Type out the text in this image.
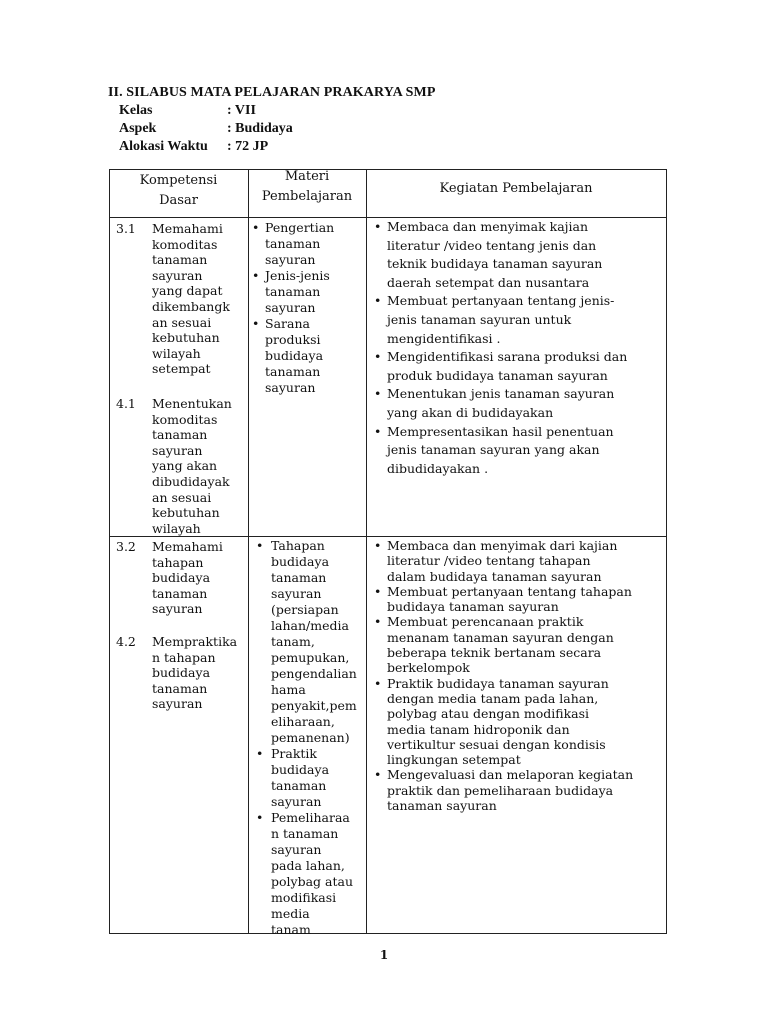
II. SILABUS MATA PELAJARAN PRAKARYA SMP
Kelas	: VII
Aspek	: Budidaya
Alokasi Waktu : 72 JP
Kompetensi
Dasar
Materi
Pembelajaran
Kegiatan Pembelajaran
3.1 Memahami
komoditas
tanaman
sayuran
yang dapat
dikembangk
an sesuai
kebutuhan
wilayah
setempat
4.1 Menentukan
komoditas
tanaman
sayuran
yang akan
dibudidayak
an sesuai
kebutuhan
wilayah
• Pengertian
tanaman
sayuran
• Jenis-jenis
tanaman
sayuran
• Sarana
produksi
budidaya
tanaman
sayuran
• Membaca dan menyimak kajian
literatur /video tentang jenis dan
teknik budidaya tanaman sayuran
daerah setempat dan nusantara
• Membuat pertanyaan tentang jenis-
jenis tanaman sayuran untuk
mengidentifikasi .
• Mengidentifikasi sarana produksi dan
produk budidaya tanaman sayuran
• Menentukan jenis tanaman sayuran
yang akan di budidayakan
• Mempresentasikan hasil penentuan
jenis tanaman sayuran yang akan
dibudidayakan .
3.2 Memahami
tahapan
budidaya
tanaman
sayuran
4.2 Mempraktika
n tahapan
budidaya
tanaman
sayuran
• Tahapan
budidaya
tanaman
sayuran
(persiapan
lahan/media
tanam,
pemupukan,
pengendalian
hama
penyakit,pem
eliharaan,
pemanenan)
• Praktik
budidaya
tanaman
sayuran
• Pemeliharaa
n tanaman
sayuran
pada lahan,
polybag atau
modifikasi
media
tanam
• Membaca dan menyimak dari kajian
literatur /video tentang tahapan
dalam budidaya tanaman sayuran
• Membuat pertanyaan tentang tahapan
budidaya tanaman sayuran
• Membuat perencanaan praktik
menanam tanaman sayuran dengan
beberapa teknik bertanam secara
berkelompok
• Praktik budidaya tanaman sayuran
dengan media tanam pada lahan,
polybag atau dengan modifikasi
media tanam hidroponik dan
vertikultur sesuai dengan kondisis
lingkungan setempat
• Mengevaluasi dan melaporan kegiatan
praktik dan pemeliharaan budidaya
tanaman sayuran
1
